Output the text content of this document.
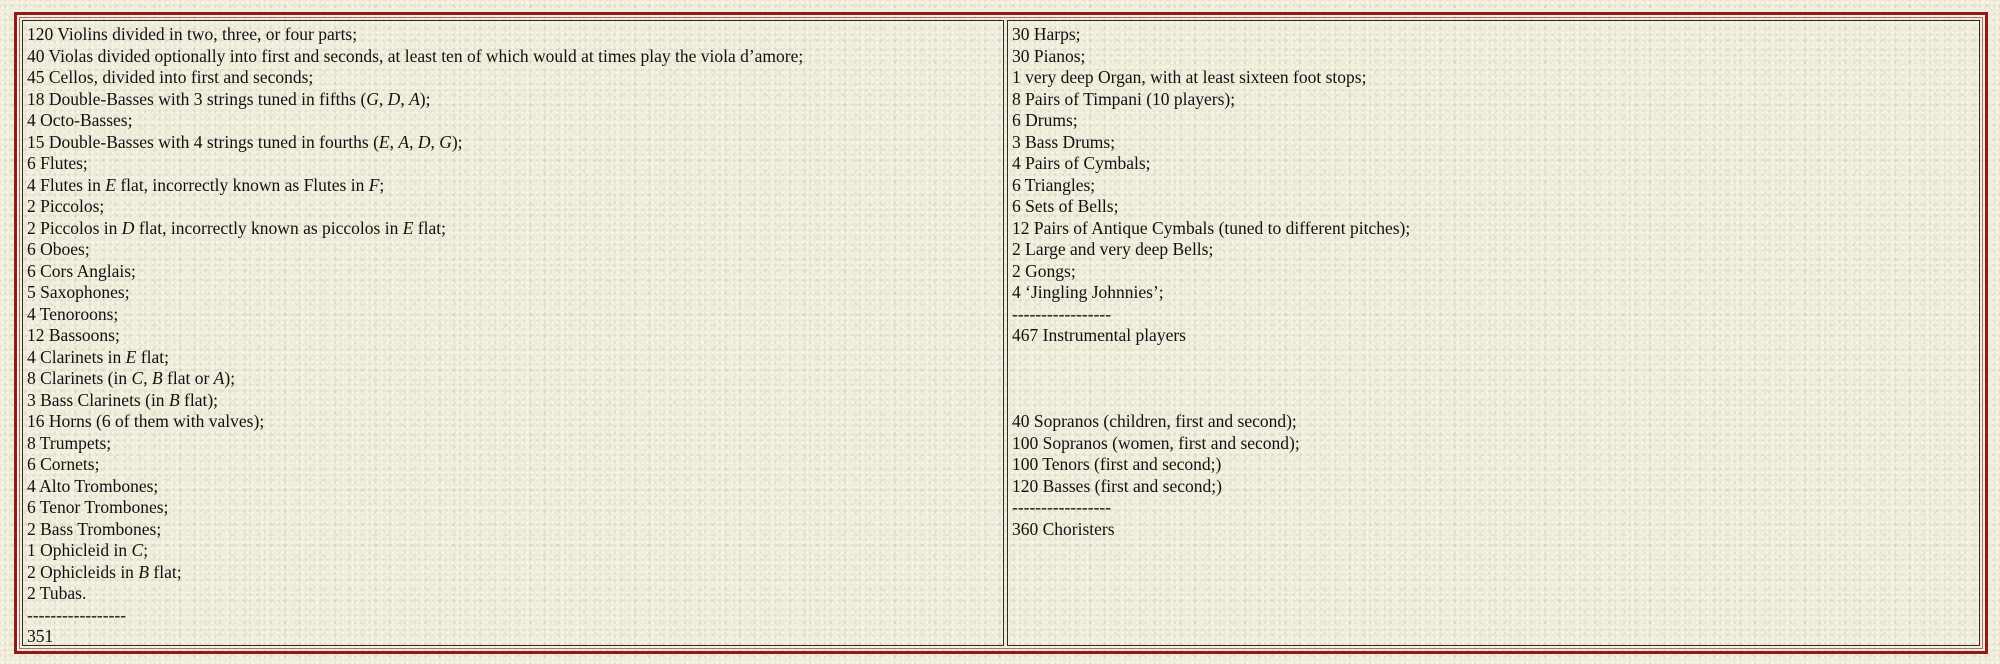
120 Violins divided in two, three, or four parts;
40 Violas divided optionally into first and seconds, at least ten of which would at times play the viola d’amore;
45 Cellos, divided into first and seconds;
18 Double-Basses with 3 strings tuned in fifths (G, D, A);
4 Octo-Basses;
15 Double-Basses with 4 strings tuned in fourths (E, A, D, G);
6 Flutes;
4 Flutes in E flat, incorrectly known as Flutes in F;
2 Piccolos;
2 Piccolos in D flat, incorrectly known as piccolos in E flat;
6 Oboes;
6 Cors Anglais;
5 Saxophones;
4 Tenoroons;
12 Bassoons;
4 Clarinets in E flat;
8 Clarinets (in C, B flat or A);
3 Bass Clarinets (in B flat);
16 Horns (6 of them with valves);
8 Trumpets;
6 Cornets;
4 Alto Trombones;
6 Tenor Trombones;
2 Bass Trombones;
1 Ophicleid in C;
2 Ophicleids in B flat;
2 Tubas.
-----------------
351
30 Harps;
30 Pianos;
1 very deep Organ, with at least sixteen foot stops;
8 Pairs of Timpani (10 players);
6 Drums;
3 Bass Drums;
4 Pairs of Cymbals;
6 Triangles;
6 Sets of Bells;
12 Pairs of Antique Cymbals (tuned to different pitches);
2 Large and very deep Bells;
2 Gongs;
4 ‘Jingling Johnnies’;
-----------------
467 Instrumental players
40 Sopranos (children, first and second);
100 Sopranos (women, first and second);
100 Tenors (first and second;)
120 Basses (first and second;)
-----------------
360 Choristers
